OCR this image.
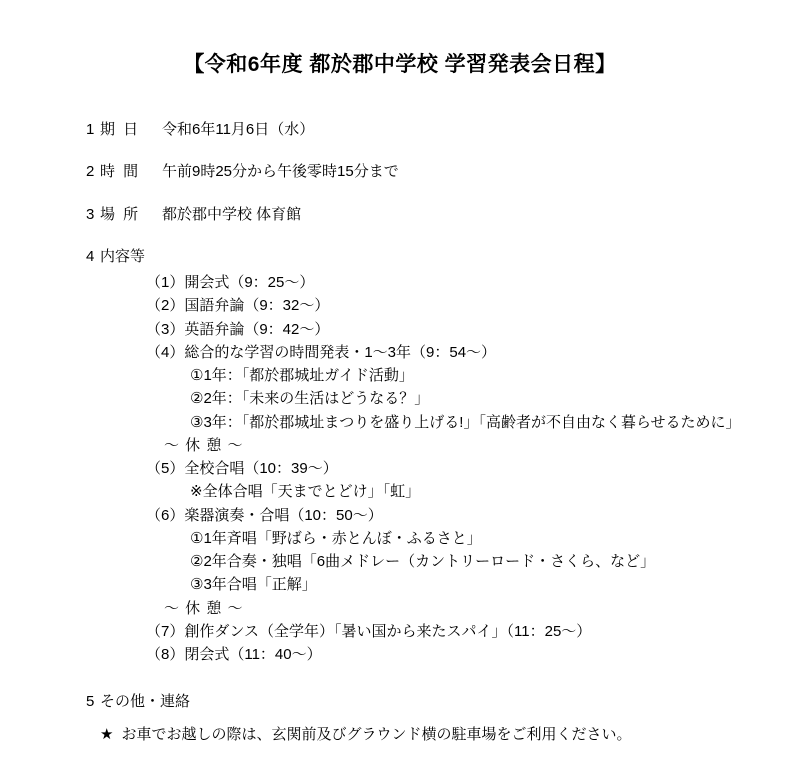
【令和6年度 都於郡中学校 学習発表会日程】
1 期 日	令和6年11月6日（水）
2 時 間	午前9時25分から午後零時15分まで
3 場 所	都於郡中学校 体育館
4 内容等
（1）開会式（9：25〜）
（2）国語弁論（9：32〜）
（3）英語弁論（9：42〜）
（4）総合的な学習の時間発表・1〜3年（9：54〜）
①1年：「都於郡城址ガイド活動」
②2年：「未来の生活はどうなる？」
③3年：「都於郡城址まつりを盛り上げる!」「高齢者が不自由なく暮らせるために」
〜 休 憩 〜
（5）全校合唱（10：39〜）
※全体合唱「天までとどけ」「虹」
（6）楽器演奏・合唱（10：50〜）
①1年斉唱「野ばら・赤とんぼ・ふるさと」
②2年合奏・独唱「6曲メドレー（カントリーロード・さくら、など」
③3年合唱「正解」
〜 休 憩 〜
（7）創作ダンス（全学年）「暑い国から来たスパイ」（11：25〜）
（8）閉会式（11：40〜）
5 その他・連絡
★ お車でお越しの際は、玄関前及びグラウンド横の駐車場をご利用ください。
